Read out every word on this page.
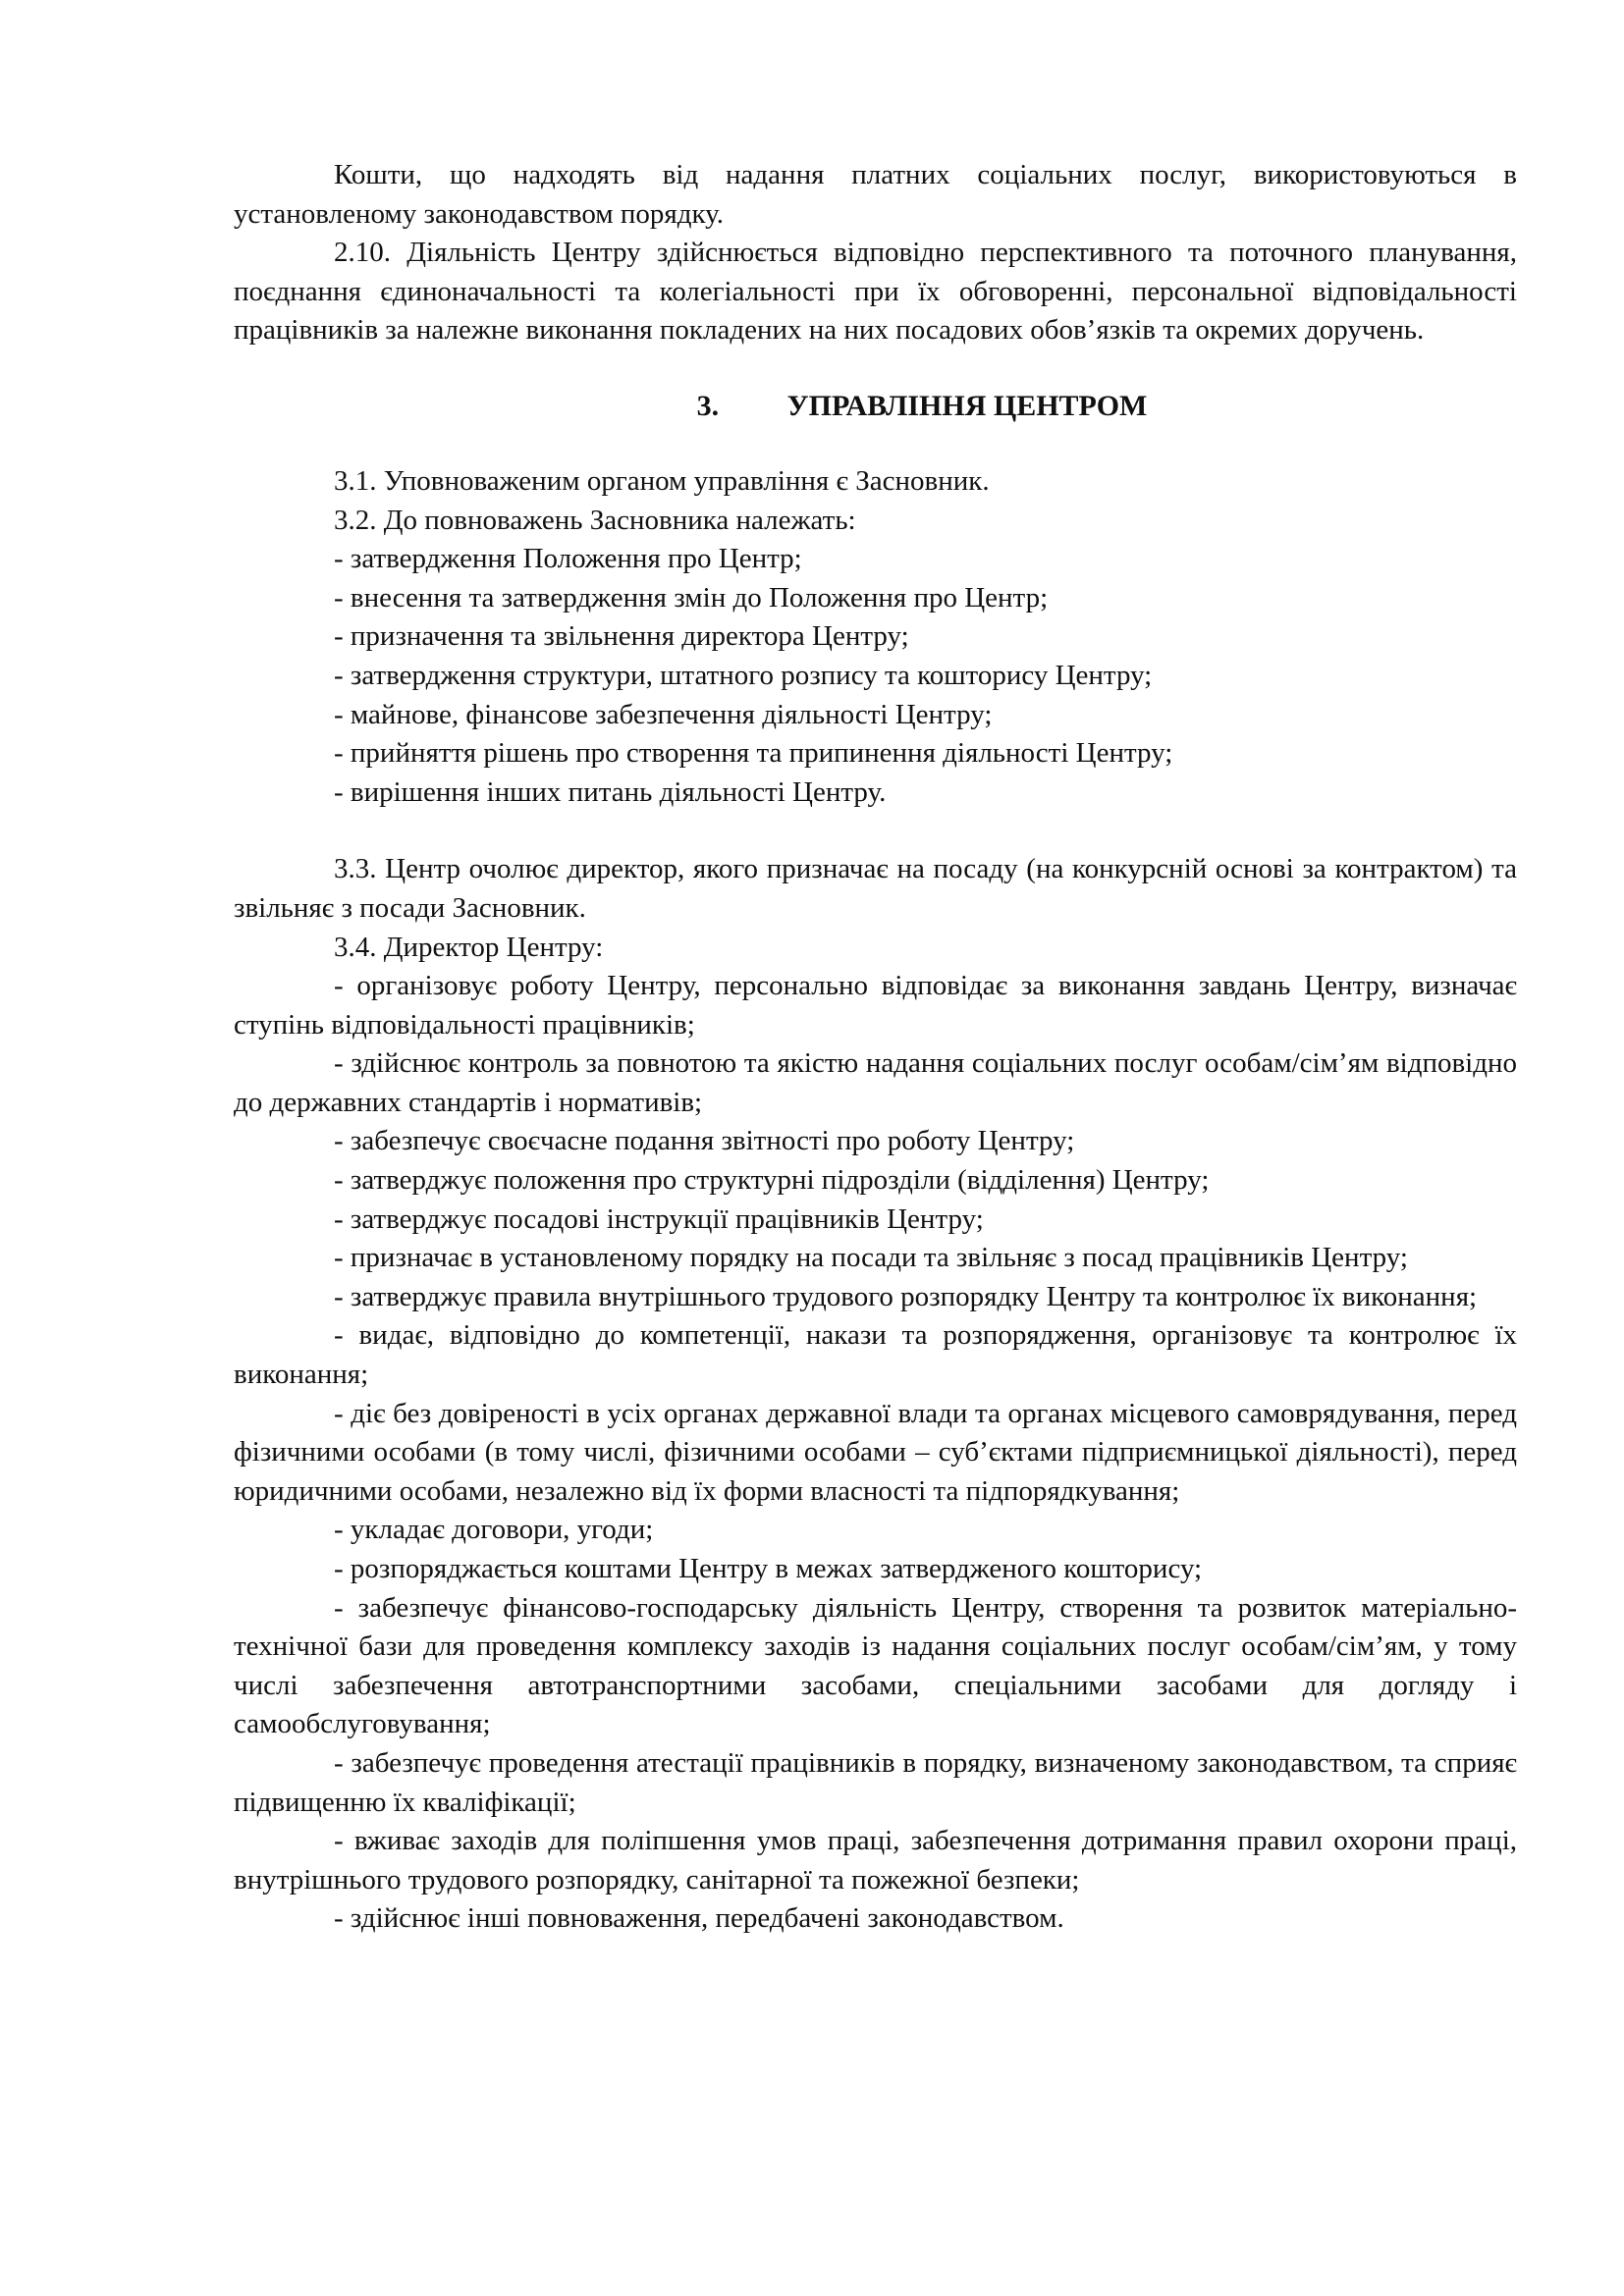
Кошти, що надходять від надання платних соціальних послуг, використовуються в установленому законодавством порядку.

2.10. Діяльність Центру здійснюється відповідно перспективного та поточного планування, поєднання єдиноначальності та колегіальності при їх обговоренні, персональної відповідальності працівників за належне виконання покладених на них посадових обов’язків та окремих доручень.

3. УПРАВЛІННЯ ЦЕНТРОМ

3.1. Уповноваженим органом управління є Засновник.

3.2. До повноважень Засновника належать:

- затвердження Положення про Центр;

- внесення та затвердження змін до Положення про Центр;

- призначення та звільнення директора Центру;

- затвердження структури, штатного розпису та кошторису Центру;

- майнове, фінансове забезпечення діяльності Центру;

- прийняття рішень про створення та припинення діяльності Центру;

- вирішення інших питань діяльності Центру.

3.3. Центр очолює директор, якого призначає на посаду (на конкурсній основі за контрактом) та звільняє з посади Засновник.

3.4. Директор Центру:

- організовує роботу Центру, персонально відповідає за виконання завдань Центру, визначає ступінь відповідальності працівників;

- здійснює контроль за повнотою та якістю надання соціальних послуг особам/сім’ям відповідно до державних стандартів і нормативів;

- забезпечує своєчасне подання звітності про роботу Центру;

- затверджує положення про структурні підрозділи (відділення) Центру;

- затверджує посадові інструкції працівників Центру;

- призначає в установленому порядку на посади та звільняє з посад працівників Центру;

- затверджує правила внутрішнього трудового розпорядку Центру та контролює їх виконання;

- видає, відповідно до компетенції, накази та розпорядження, організовує та контролює їх виконання;

- діє без довіреності в усіх органах державної влади та органах місцевого самоврядування, перед фізичними особами (в тому числі, фізичними особами – суб’єктами підприємницької діяльності), перед юридичними особами, незалежно від їх форми власності та підпорядкування;

- укладає договори, угоди;

- розпоряджається коштами Центру в межах затвердженого кошторису;

- забезпечує фінансово-господарську діяльність Центру, створення та розвиток матеріально-технічної бази для проведення комплексу заходів із надання соціальних послуг особам/сім’ям, у тому числі забезпечення автотранспортними засобами, спеціальними засобами для догляду і самообслуговування;

- забезпечує проведення атестації працівників в порядку, визначеному законодавством, та сприяє підвищенню їх кваліфікації;

- вживає заходів для поліпшення умов праці, забезпечення дотримання правил охорони праці, внутрішнього трудового розпорядку, санітарної та пожежної безпеки;

- здійснює інші повноваження, передбачені законодавством.
